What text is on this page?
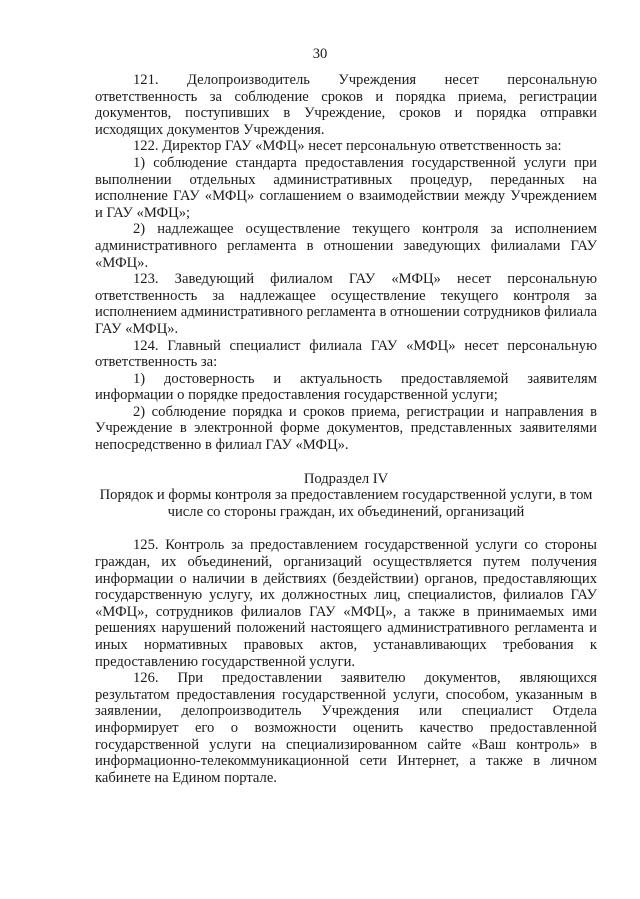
30

121. Делопроизводитель Учреждения несет персональную ответственность за соблюдение сроков и порядка приема, регистрации документов, поступивших в Учреждение, сроков и порядка отправки исходящих документов Учреждения.

122. Директор ГАУ «МФЦ» несет персональную ответственность за:

1) соблюдение стандарта предоставления государственной услуги при выполнении отдельных административных процедур, переданных на исполнение ГАУ «МФЦ» соглашением о взаимодействии между Учреждением и ГАУ «МФЦ»;

2) надлежащее осуществление текущего контроля за исполнением административного регламента в отношении заведующих филиалами ГАУ «МФЦ».

123. Заведующий филиалом ГАУ «МФЦ» несет персональную ответственность за надлежащее осуществление текущего контроля за исполнением административного регламента в отношении сотрудников филиала ГАУ «МФЦ».

124. Главный специалист филиала ГАУ «МФЦ» несет персональную ответственность за:

1) достоверность и актуальность предоставляемой заявителям информации о порядке предоставления государственной услуги;

2) соблюдение порядка и сроков приема, регистрации и направления в Учреждение в электронной форме документов, представленных заявителями непосредственно в филиал ГАУ «МФЦ».

Подраздел IV

Порядок и формы контроля за предоставлением государственной услуги, в том числе со стороны граждан, их объединений, организаций

125. Контроль за предоставлением государственной услуги со стороны граждан, их объединений, организаций осуществляется путем получения информации о наличии в действиях (бездействии) органов, предоставляющих государственную услугу, их должностных лиц, специалистов, филиалов ГАУ «МФЦ», сотрудников филиалов ГАУ «МФЦ», а также в принимаемых ими решениях нарушений положений настоящего административного регламента и иных нормативных правовых актов, устанавливающих требования к предоставлению государственной услуги.

126. При предоставлении заявителю документов, являющихся результатом предоставления государственной услуги, способом, указанным в заявлении, делопроизводитель Учреждения или специалист Отдела информирует его о возможности оценить качество предоставленной государственной услуги на специализированном сайте «Ваш контроль» в информационно-телекоммуникационной сети Интернет, а также в личном кабинете на Едином портале.
